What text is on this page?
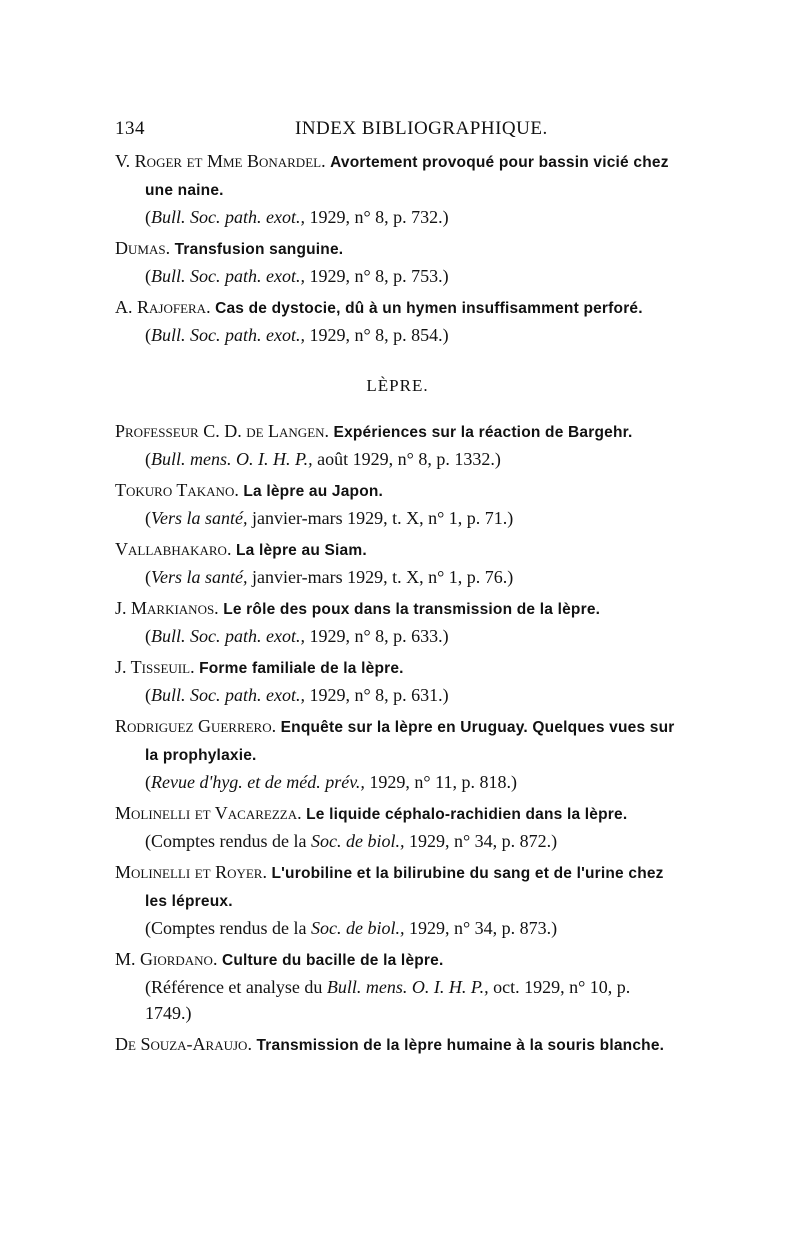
134	INDEX BIBLIOGRAPHIQUE.
V. Roger et Mme Bonardel. Avortement provoqué pour bassin vicié chez une naine.
(Bull. Soc. path. exot., 1929, n° 8, p. 732.)
Dumas. Transfusion sanguine.
(Bull. Soc. path. exot., 1929, n° 8, p. 753.)
A. Rajofera. Cas de dystocie, dû à un hymen insuffisamment perforé.
(Bull. Soc. path. exot., 1929, n° 8, p. 854.)
LÈPRE.
Professeur C. D. de Langen. Expériences sur la réaction de Bargehr.
(Bull. mens. O. I. H. P., août 1929, n° 8, p. 1332.)
Tokuro Takano. La lèpre au Japon.
(Vers la santé, janvier-mars 1929, t. X, n° 1, p. 71.)
Vallabhakaro. La lèpre au Siam.
(Vers la santé, janvier-mars 1929, t. X, n° 1, p. 76.)
J. Markianos. Le rôle des poux dans la transmission de la lèpre.
(Bull. Soc. path. exot., 1929, n° 8, p. 633.)
J. Tisseuil. Forme familiale de la lèpre.
(Bull. Soc. path. exot., 1929, n° 8, p. 631.)
Rodriguez Guerrero. Enquête sur la lèpre en Uruguay. Quelques vues sur la prophylaxie.
(Revue d'hyg. et de méd. prév., 1929, n° 11, p. 818.)
Molinelli et Vacarezza. Le liquide céphalo-rachidien dans la lèpre.
(Comptes rendus de la Soc. de biol., 1929, n° 34, p. 872.)
Molinelli et Royer. L'urobiline et la bilirubine du sang et de l'urine chez les lépreux.
(Comptes rendus de la Soc. de biol., 1929, n° 34, p. 873.)
M. Giordano. Culture du bacille de la lèpre.
(Référence et analyse du Bull. mens. O. I. H. P., oct. 1929, n° 10, p. 1749.)
De Souza-Araujo. Transmission de la lèpre humaine à la souris blanche.
